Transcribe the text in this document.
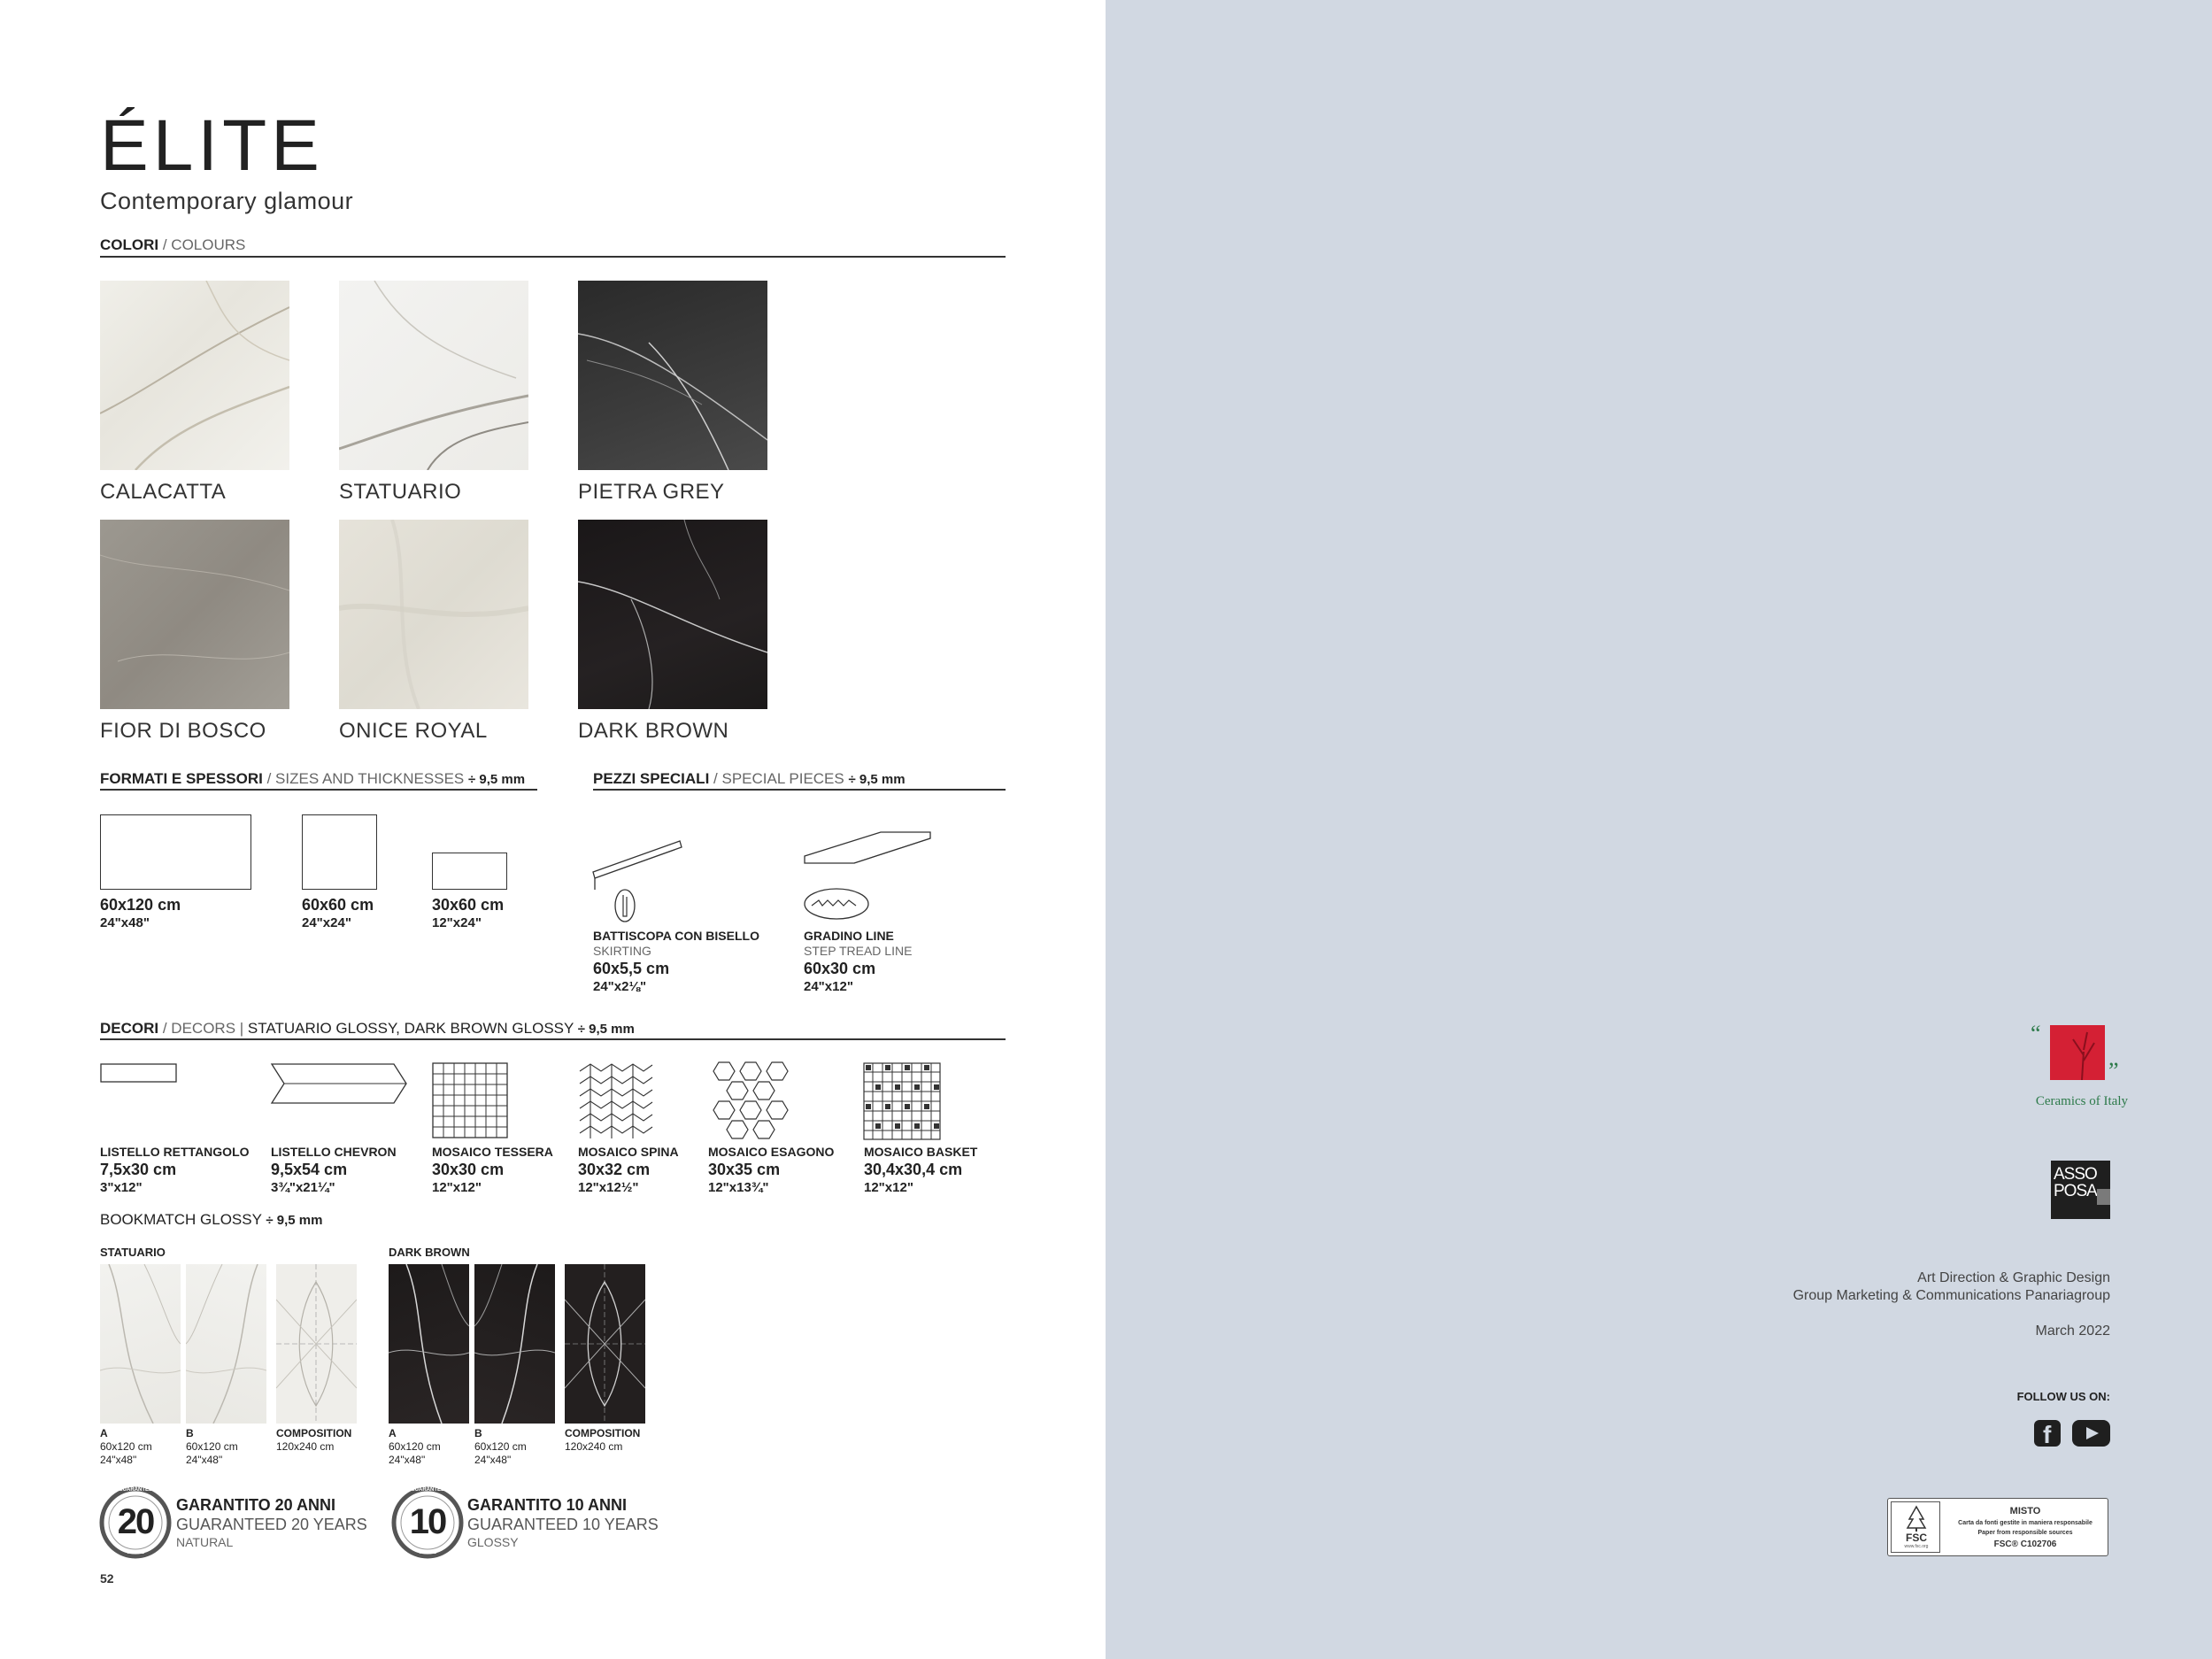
ÉLITE
Contemporary glamour
COLORI / COLOURS
CALACATTA	STATUARIO	PIETRA GREY
FIOR DI BOSCO	ONICE ROYAL	DARK BROWN
FORMATI E SPESSORI / SIZES AND THICKNESSES ÷ 9,5 mm
60x120 cm
24"x48"
60x60 cm
24"x24"
30x60 cm
12"x24"
PEZZI SPECIALI / SPECIAL PIECES ÷ 9,5 mm
BATTISCOPA CON BISELLO
SKIRTING
60x5,5 cm
24"x2⅛"
GRADINO LINE
STEP TREAD LINE
60x30 cm
24"x12"
DECORI / DECORS | STATUARIO GLOSSY, DARK BROWN GLOSSY ÷ 9,5 mm
LISTELLO RETTANGOLO
7,5x30 cm
3"x12"
LISTELLO CHEVRON
9,5x54 cm
3¾"x21¼"
MOSAICO TESSERA
30x30 cm
12"x12"
MOSAICO SPINA
30x32 cm
12"x12½"
MOSAICO ESAGONO
30x35 cm
12"x13¾"
MOSAICO BASKET
30,4x30,4 cm
12"x12"
BOOKMATCH GLOSSY ÷ 9,5 mm
STATUARIO	DARK BROWN
A
60x120 cm
24"x48"
B
60x120 cm
24"x48"
COMPOSITION
120x240 cm
A
60x120 cm
24"x48"
B
60x120 cm
24"x48"
COMPOSITION
120x240 cm
20
GUARANTEE
YEARS
GARANTITO 20 ANNI
GUARANTEED 20 YEARS
NATURAL
10
GUARANTEE
YEARS
GARANTITO 10 ANNI
GUARANTEED 10 YEARS
GLOSSY
52
“
”
Ceramics of Italy
ASSO
POSA
Art Direction & Graphic Design
Group Marketing & Communications Panariagroup
March 2022
FOLLOW US ON:
f
FSC
www.fsc.org
MISTO
Carta da fonti gestite in maniera responsabile
Paper from responsible sources
FSC® C102706
